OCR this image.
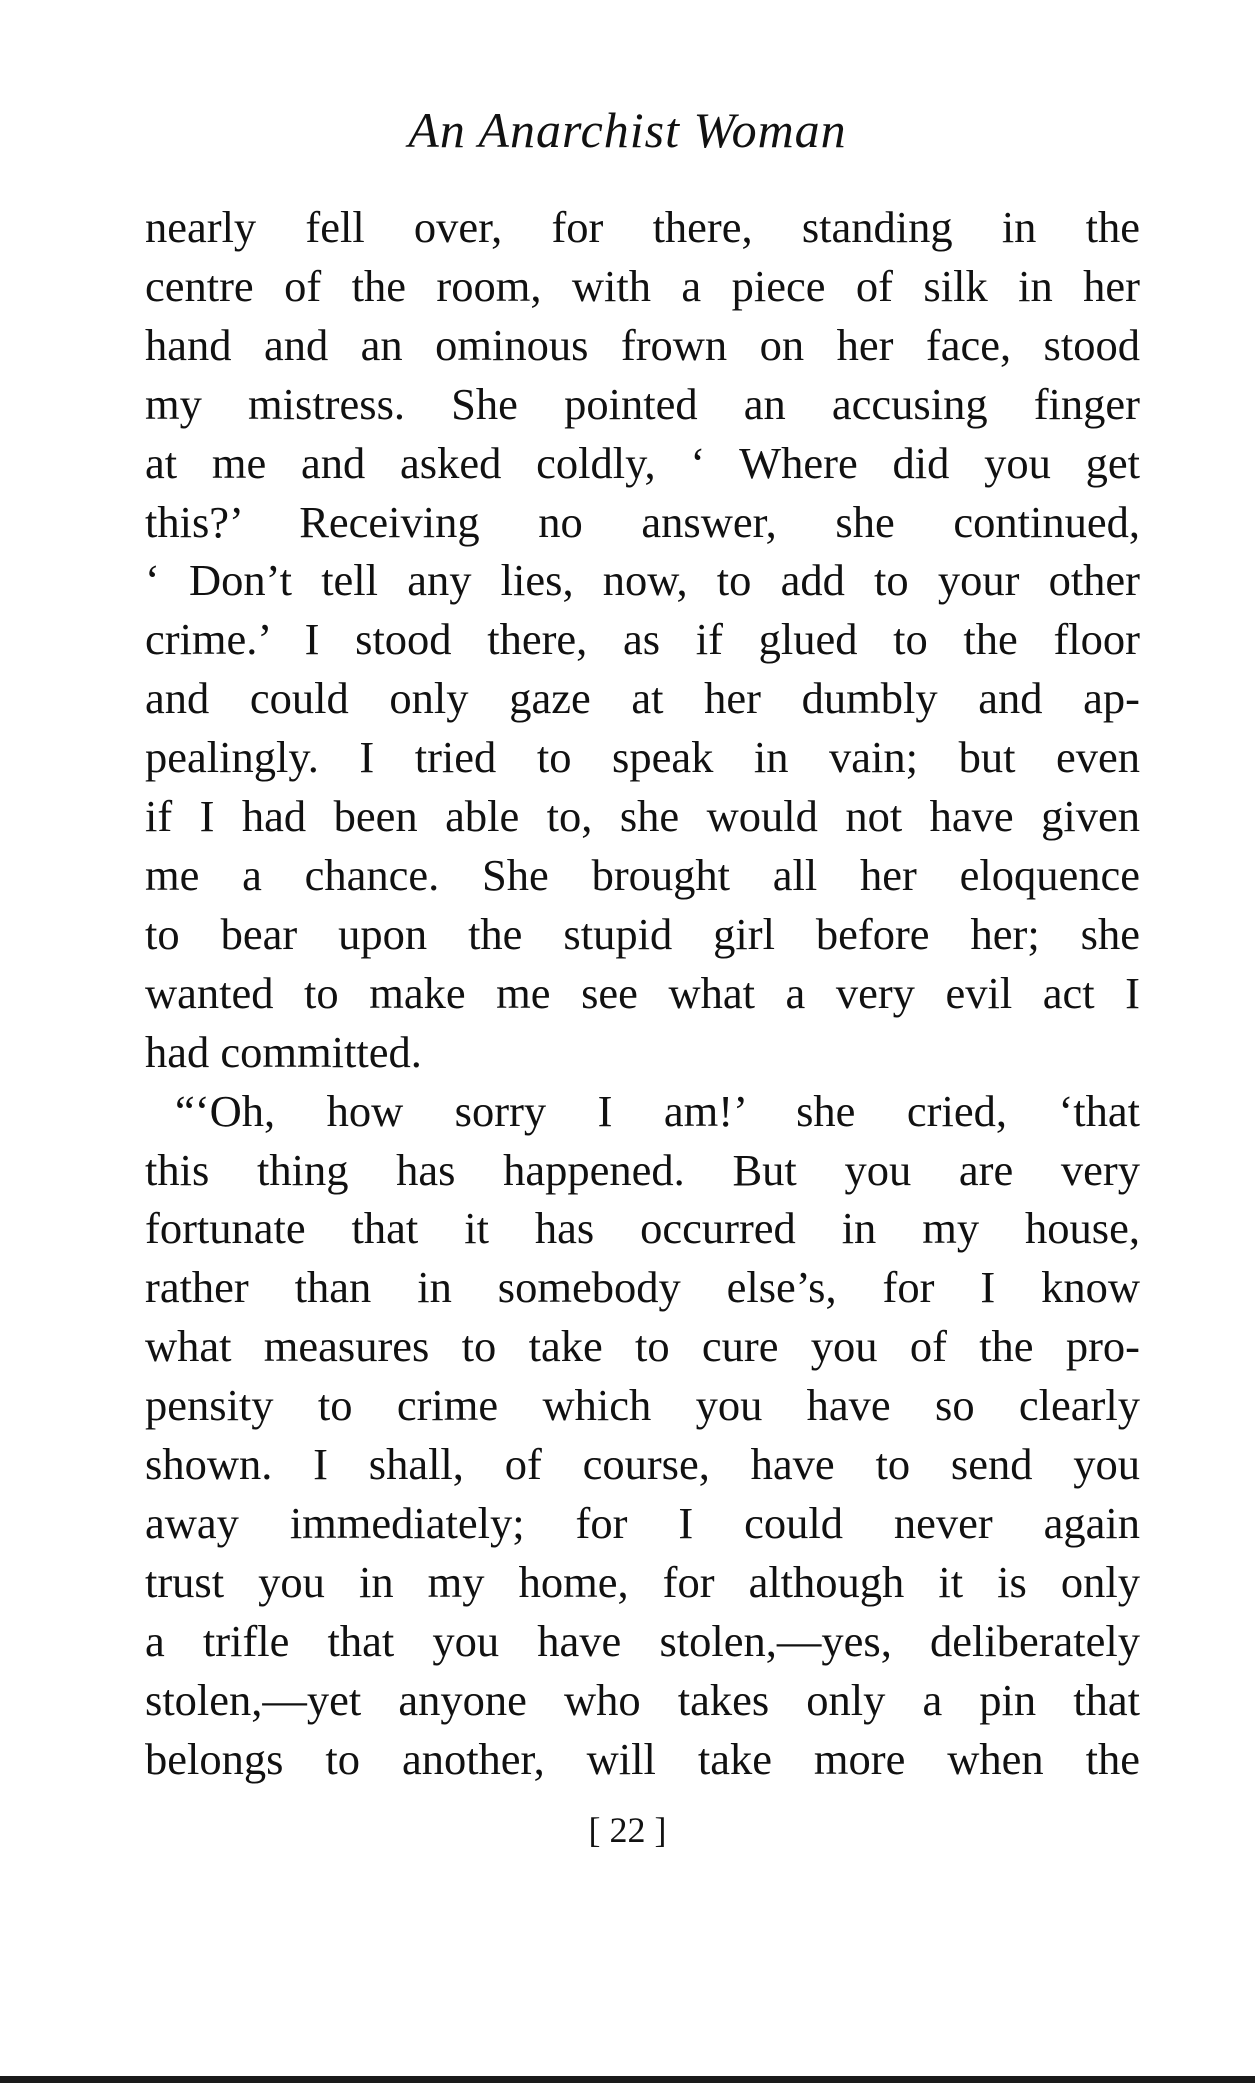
An Anarchist Woman
nearly fell over, for there, standing in the
centre of the room, with a piece of silk in her
hand and an ominous frown on her face, stood
my mistress. She pointed an accusing finger
at me and asked coldly, ‘ Where did you get
this?’ Receiving no answer, she continued,
‘ Don’t tell any lies, now, to add to your other
crime.’ I stood there, as if glued to the floor
and could only gaze at her dumbly and ap-
pealingly. I tried to speak in vain; but even
if I had been able to, she would not have given
me a chance. She brought all her eloquence
to bear upon the stupid girl before her; she
wanted to make me see what a very evil act I
had committed.
“‘Oh, how sorry I am!’ she cried, ‘that
this thing has happened. But you are very
fortunate that it has occurred in my house,
rather than in somebody else’s, for I know
what measures to take to cure you of the pro-
pensity to crime which you have so clearly
shown. I shall, of course, have to send you
away immediately; for I could never again
trust you in my home, for although it is only
a trifle that you have stolen,—yes, deliberately
stolen,—yet anyone who takes only a pin that
belongs to another, will take more when the
[ 22 ]
